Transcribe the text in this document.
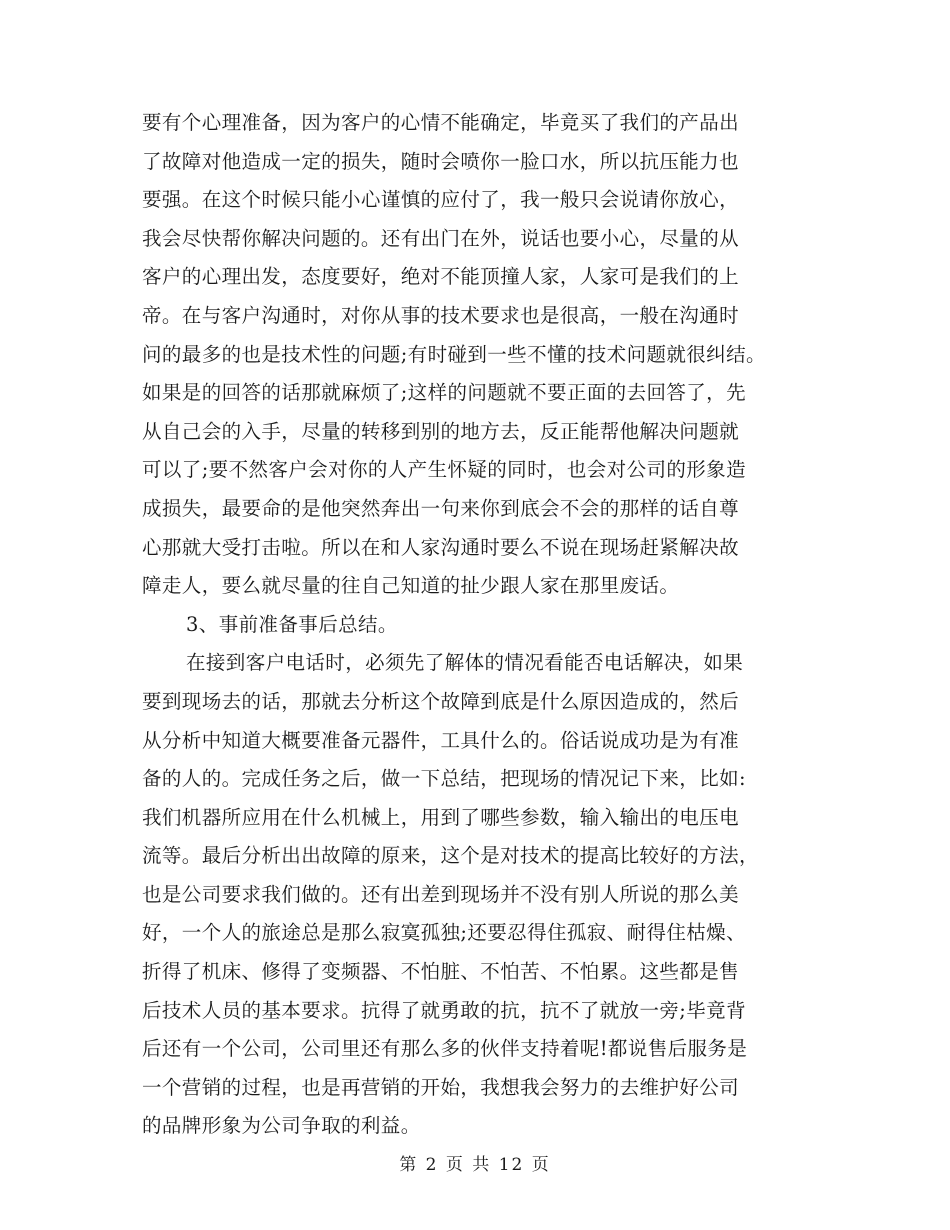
要有个心理准备，因为客户的心情不能确定，毕竟买了我们的产品出
了故障对他造成一定的损失，随时会喷你一脸口水，所以抗压能力也
要强。在这个时候只能小心谨慎的应付了，我一般只会说请你放心，
我会尽快帮你解决问题的。还有出门在外，说话也要小心，尽量的从
客户的心理出发，态度要好，绝对不能顶撞人家，人家可是我们的上
帝。在与客户沟通时，对你从事的技术要求也是很高，一般在沟通时
问的最多的也是技术性的问题;有时碰到一些不懂的技术问题就很纠结。
如果是的回答的话那就麻烦了;这样的问题就不要正面的去回答了，先
从自己会的入手，尽量的转移到别的地方去，反正能帮他解决问题就
可以了;要不然客户会对你的人产生怀疑的同时，也会对公司的形象造
成损失，最要命的是他突然奔出一句来你到底会不会的那样的话自尊
心那就大受打击啦。所以在和人家沟通时要么不说在现场赶紧解决故
障走人，要么就尽量的往自己知道的扯少跟人家在那里废话。
3、事前准备事后总结。
在接到客户电话时，必须先了解体的情况看能否电话解决，如果
要到现场去的话，那就去分析这个故障到底是什么原因造成的，然后
从分析中知道大概要准备元器件，工具什么的。俗话说成功是为有准
备的人的。完成任务之后，做一下总结，把现场的情况记下来，比如:
我们机器所应用在什么机械上，用到了哪些参数，输入输出的电压电
流等。最后分析出出故障的原来，这个是对技术的提高比较好的方法，
也是公司要求我们做的。还有出差到现场并不没有别人所说的那么美
好，一个人的旅途总是那么寂寞孤独;还要忍得住孤寂、耐得住枯燥、
折得了机床、修得了变频器、不怕脏、不怕苦、不怕累。这些都是售
后技术人员的基本要求。抗得了就勇敢的抗，抗不了就放一旁;毕竟背
后还有一个公司，公司里还有那么多的伙伴支持着呢!都说售后服务是
一个营销的过程，也是再营销的开始，我想我会努力的去维护好公司
的品牌形象为公司争取的利益。
第 2 页 共 12 页
